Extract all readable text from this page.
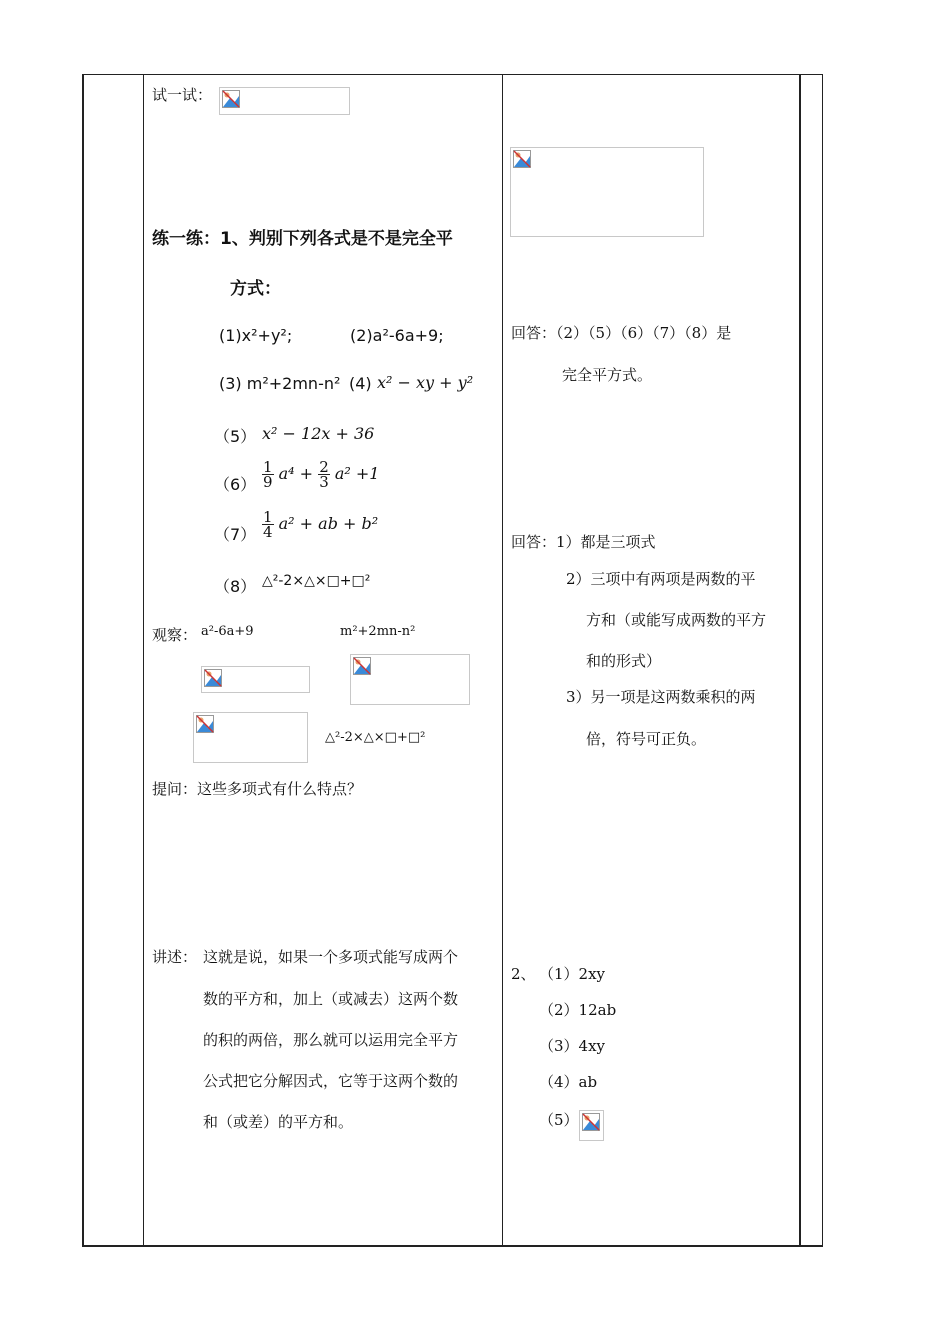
试一试：
练一练：1、判别下列各式是不是完全平
方式：
(1)x²+y²;	(2)a²-6a+9;
(3) m²+2mn-n² (4) x² − xy + y²
（5） x² − 12x + 36
$(6) \frac{1}{9} a^4 + \frac{2}{3} a^2 +1$
$(7) \frac{1}{4} a^2$ + ab + b²
（8） △²-2×△×□+□²
观察： a²-6a+9	m²+2mn-n²
△²-2×△×□+□²
提问：这些多项式有什么特点？
讲述： 这就是说，如果一个多项式能写成两个
数的平方和，加上（或减去）这两个数
的积的两倍，那么就可以运用完全平方
公式把它分解因式，它等于这两个数的
和（或差）的平方和。
回答：（2）（5）（6）（7）（8）是
完全平方式。
回答：1）都是三项式
2）三项中有两项是两数的平
方和（或能写成两数的平方
和的形式）
3）另一项是这两数乘积的两
倍，符号可正负。
2、 （1）2xy
（2）12ab
（3）4xy
（4）ab
（5）
